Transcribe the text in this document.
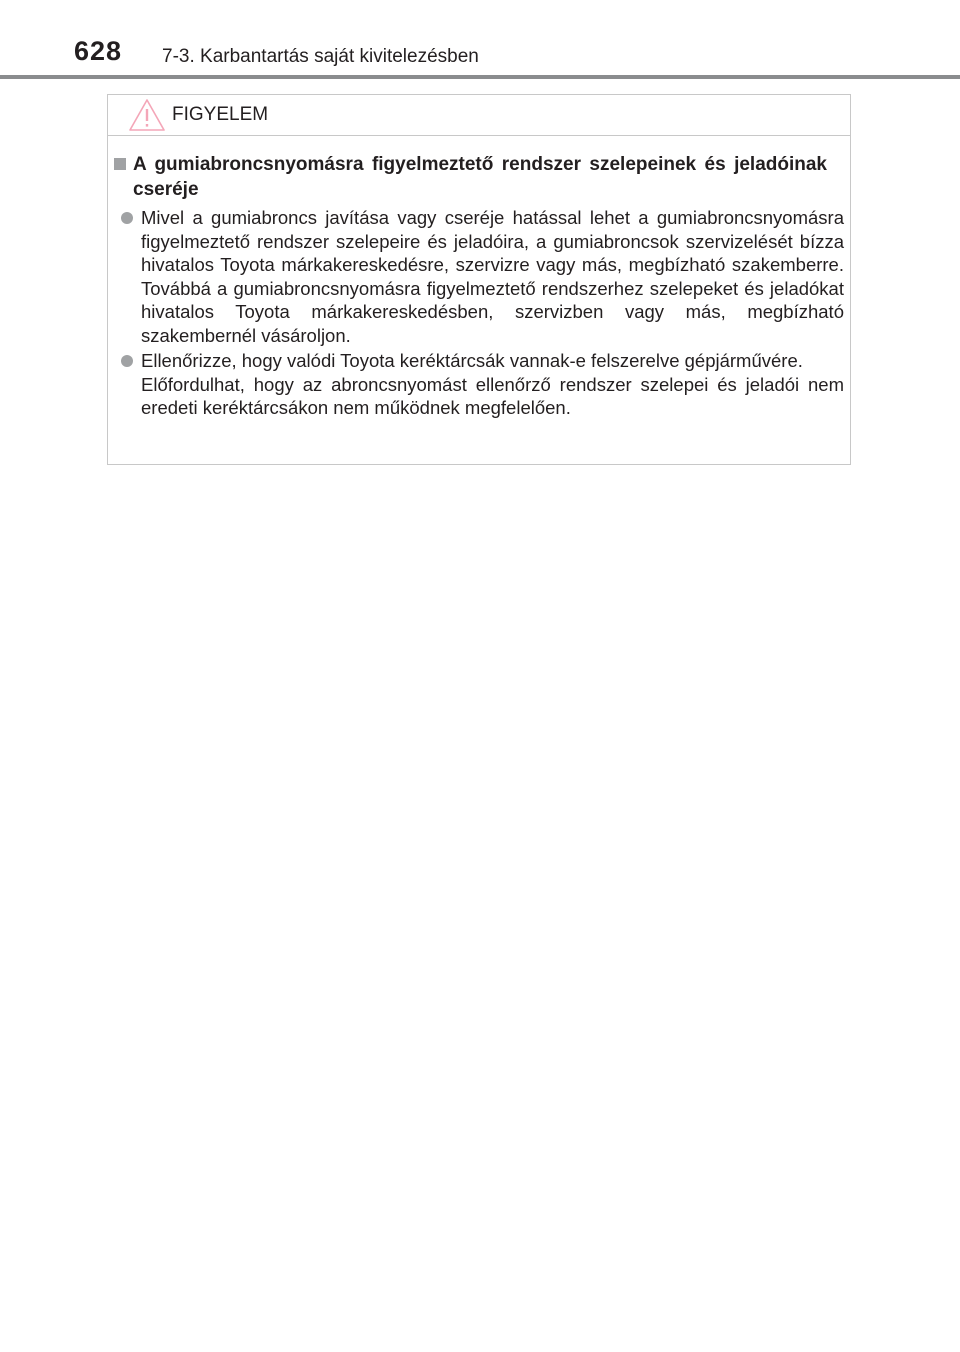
628 7-3. Karbantartás saját kivitelezésben
FIGYELEM
A gumiabroncsnyomásra figyelmeztető rendszer szelepeinek és jeladóinak cseréje
Mivel a gumiabroncs javítása vagy cseréje hatással lehet a gumiabroncsnyomásra figyelmeztető rendszer szelepeire és jeladóira, a gumiabroncsok szervizelését bízza hivatalos Toyota márkakereskedésre, szervizre vagy más, megbízható szakemberre. Továbbá a gumiabroncsnyomásra figyelmeztető rendszerhez szelepeket és jeladókat hivatalos Toyota márkakereskedésben, szervizben vagy más, megbízható szakembernél vásároljon.
Ellenőrizze, hogy valódi Toyota keréktárcsák vannak-e felszerelve gépjárművére.
Előfordulhat, hogy az abroncsnyomást ellenőrző rendszer szelepei és jeladói nem eredeti keréktárcsákon nem működnek megfelelően.
